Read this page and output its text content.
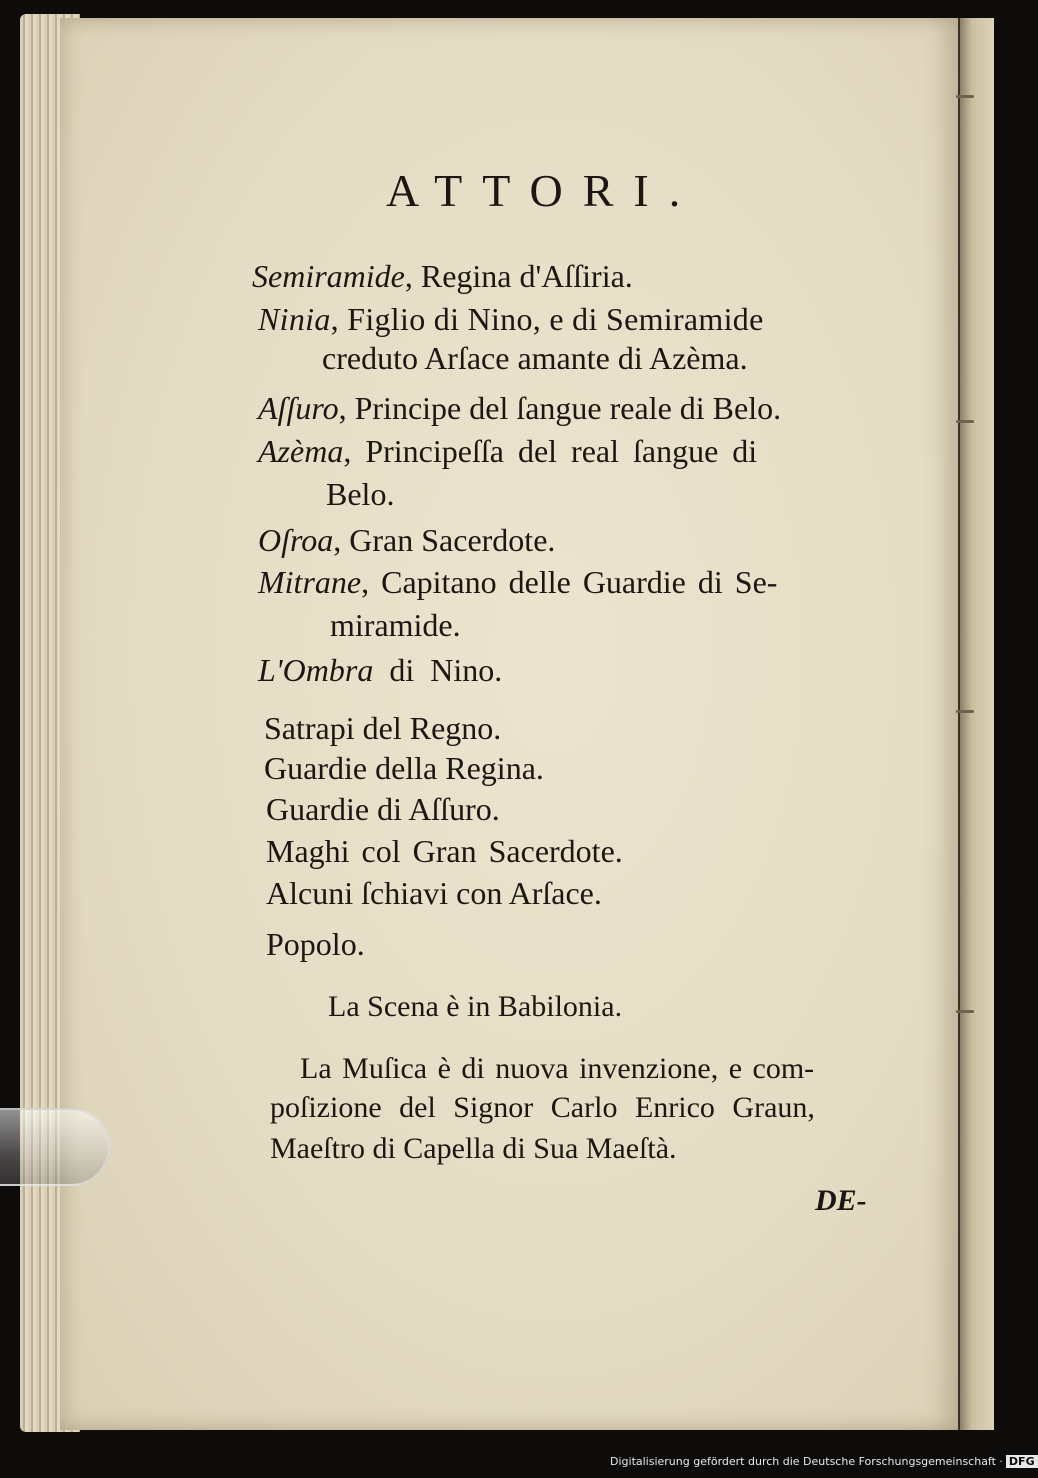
ATTORI.
Semiramide, Regina d'Aſſiria.
Ninia, Figlio di Nino, e di Semiramide
creduto Arſace amante di Azèma.
Aſſuro, Principe del ſangue reale di Belo.
Azèma, Principeſſa del real ſangue di
Belo.
Oſroa, Gran Sacerdote.
Mitrane, Capitano delle Guardie di Se-
miramide.
L'Ombra di Nino.
Satrapi del Regno.
Guardie della Regina.
Guardie di Aſſuro.
Maghi col Gran Sacerdote.
Alcuni ſchiavi con Arſace.
Popolo.
La Scena è in Babilonia.
La Muſica è di nuova invenzione, e com-
poſizione del Signor Carlo Enrico Graun,
Maeſtro di Capella di Sua Maeſtà.
DE-
Digitalisierung gefördert durch die Deutsche Forschungsgemeinschaft · DFG
